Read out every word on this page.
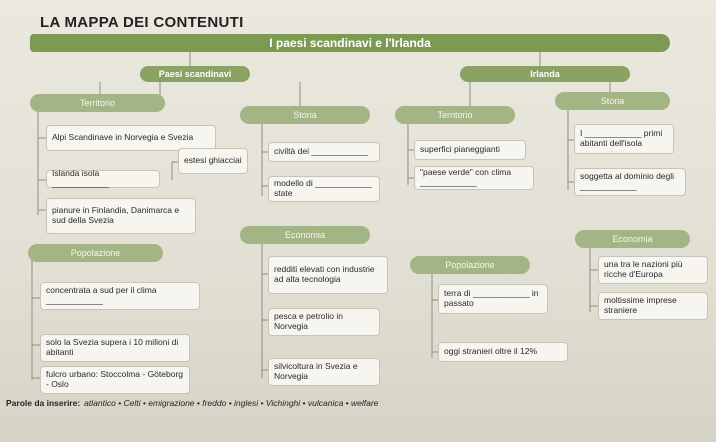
LA MAPPA DEI CONTENUTI
I paesi scandinavi e l'Irlanda
Paesi scandinavi	Irlanda
Territorio
Alpi Scandinave in Norvegia e Svezia
Islanda isola ____________
pianure in Finlandia, Danimarca e sud della Svezia
Storia
estesi ghiacciai
civiltà dei ____________
modello di ____________ state
Popolazione
concentrata a sud per il clima ____________
solo la Svezia supera i 10 milioni di abitanti
fulcro urbano: Stoccolma - Göteborg - Oslo
Economia
redditi elevati con industrie ad alta tecnologia
pesca e petrolio in Norvegia
silvicoltura in Svezia e Norvegia
Territorio
superfici pianeggianti
"paese verde" con clima ____________
Storia
I ____________ primi abitanti dell'isola
soggetta al dominio degli ____________
Popolazione
terra di ____________ in passato
oggi stranieri oltre il 12%
Economia
una tra le nazioni più ricche d'Europa
moltissime imprese straniere
Parole da inserire: atlantico • Celti • emigrazione • freddo • inglesi • Vichinghi • vulcanica • welfare
